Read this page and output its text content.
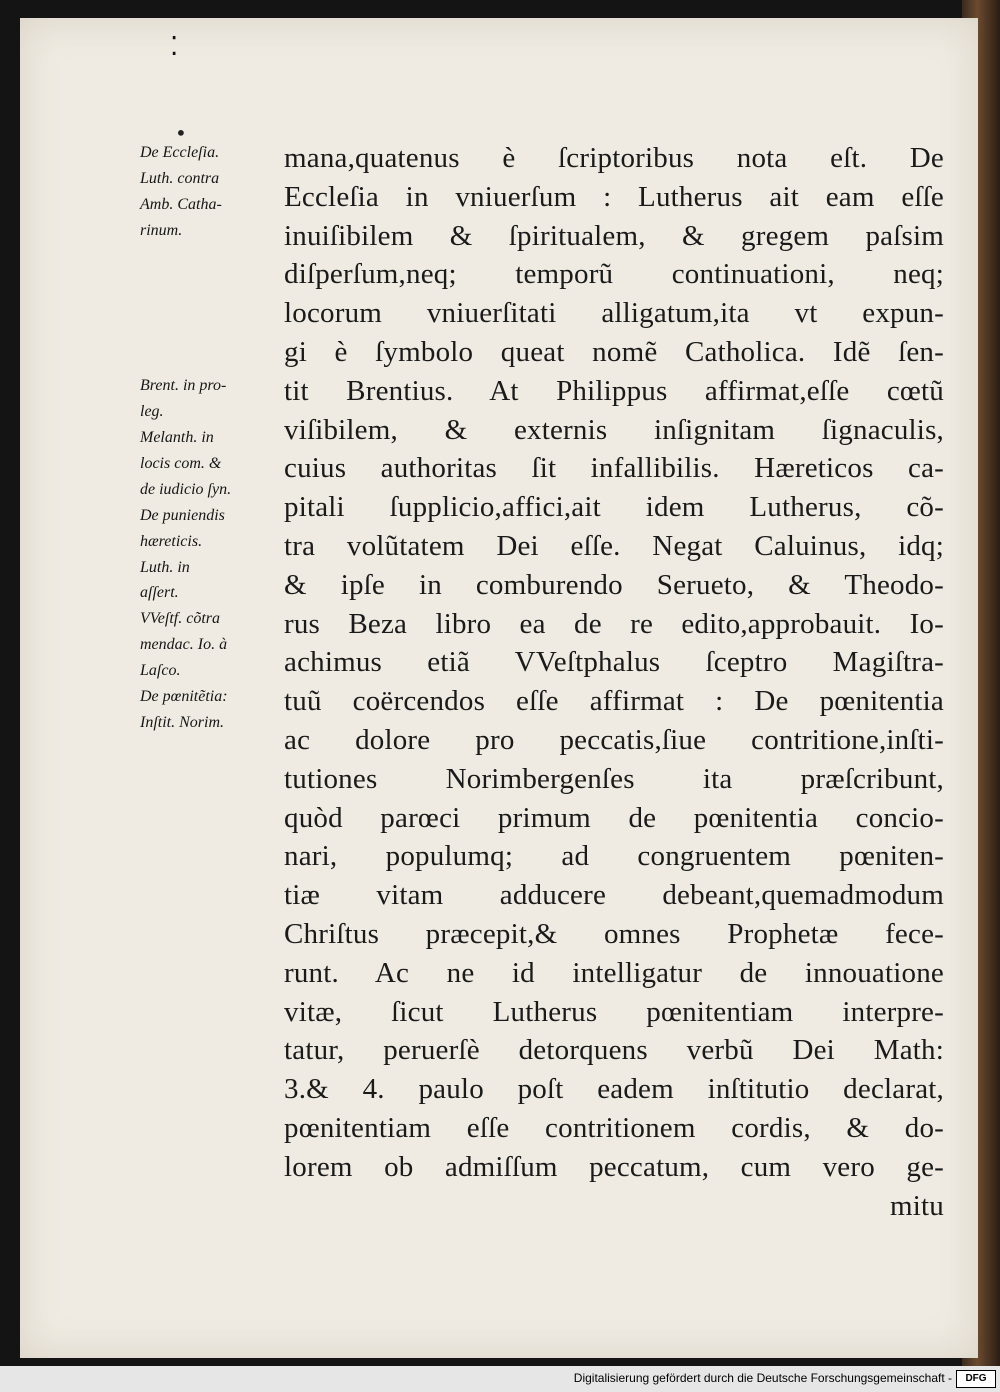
⁚
•
De Eccleſia.
Luth. contra
Amb. Catha-
rinum.

Brent. in pro-
leg.
Melanth. in
locis com. &
de iudicio ſyn.
De puniendis
hæreticis.
Luth. in
aſſert.
VVeſtf. cõtra
mendac. Io. à
Laſco.
De pœnitẽtia:
Inſtit. Norim.
mana,quatenus è ſcriptoribus nota eſt. De
Eccleſia in vniuerſum : Lutherus ait eam eſſe
inuiſibilem & ſpiritualem, & gregem paſsim
diſperſum,neq; temporũ continuationi, neq;
locorum vniuerſitati alligatum,ita vt expun-
gi è ſymbolo queat nomẽ Catholica. Idẽ ſen-
tit Brentius. At Philippus affirmat,eſſe cœtũ
viſibilem, & externis inſignitam ſignaculis,
cuius authoritas ſit infallibilis. Hæreticos ca-
pitali ſupplicio,affici,ait idem Lutherus, cõ-
tra volũtatem Dei eſſe. Negat Caluinus, idq;
& ipſe in comburendo Serueto, & Theodo-
rus Beza libro ea de re edito,approbauit. Io-
achimus etiã VVeſtphalus ſceptro Magiſtra-
tuũ coërcendos eſſe affirmat : De pœnitentia
ac dolore pro peccatis,ſiue contritione,inſti-
tutiones Norimbergenſes ita præſcribunt,
quòd parœci primum de pœnitentia concio-
nari, populumq; ad congruentem pœniten-
tiæ vitam adducere debeant,quemadmodum
Chriſtus præcepit,& omnes Prophetæ fece-
runt. Ac ne id intelligatur de innouatione
vitæ, ſicut Lutherus pœnitentiam interpre-
tatur, peruerſè detorquens verbũ Dei Math:
3.& 4. paulo poſt eadem inſtitutio declarat,
pœnitentiam eſſe contritionem cordis, & do-
lorem ob admiſſum peccatum, cum vero ge-
mitu
Digitalisierung gefördert durch die Deutsche Forschungsgemeinschaft -	DFG
